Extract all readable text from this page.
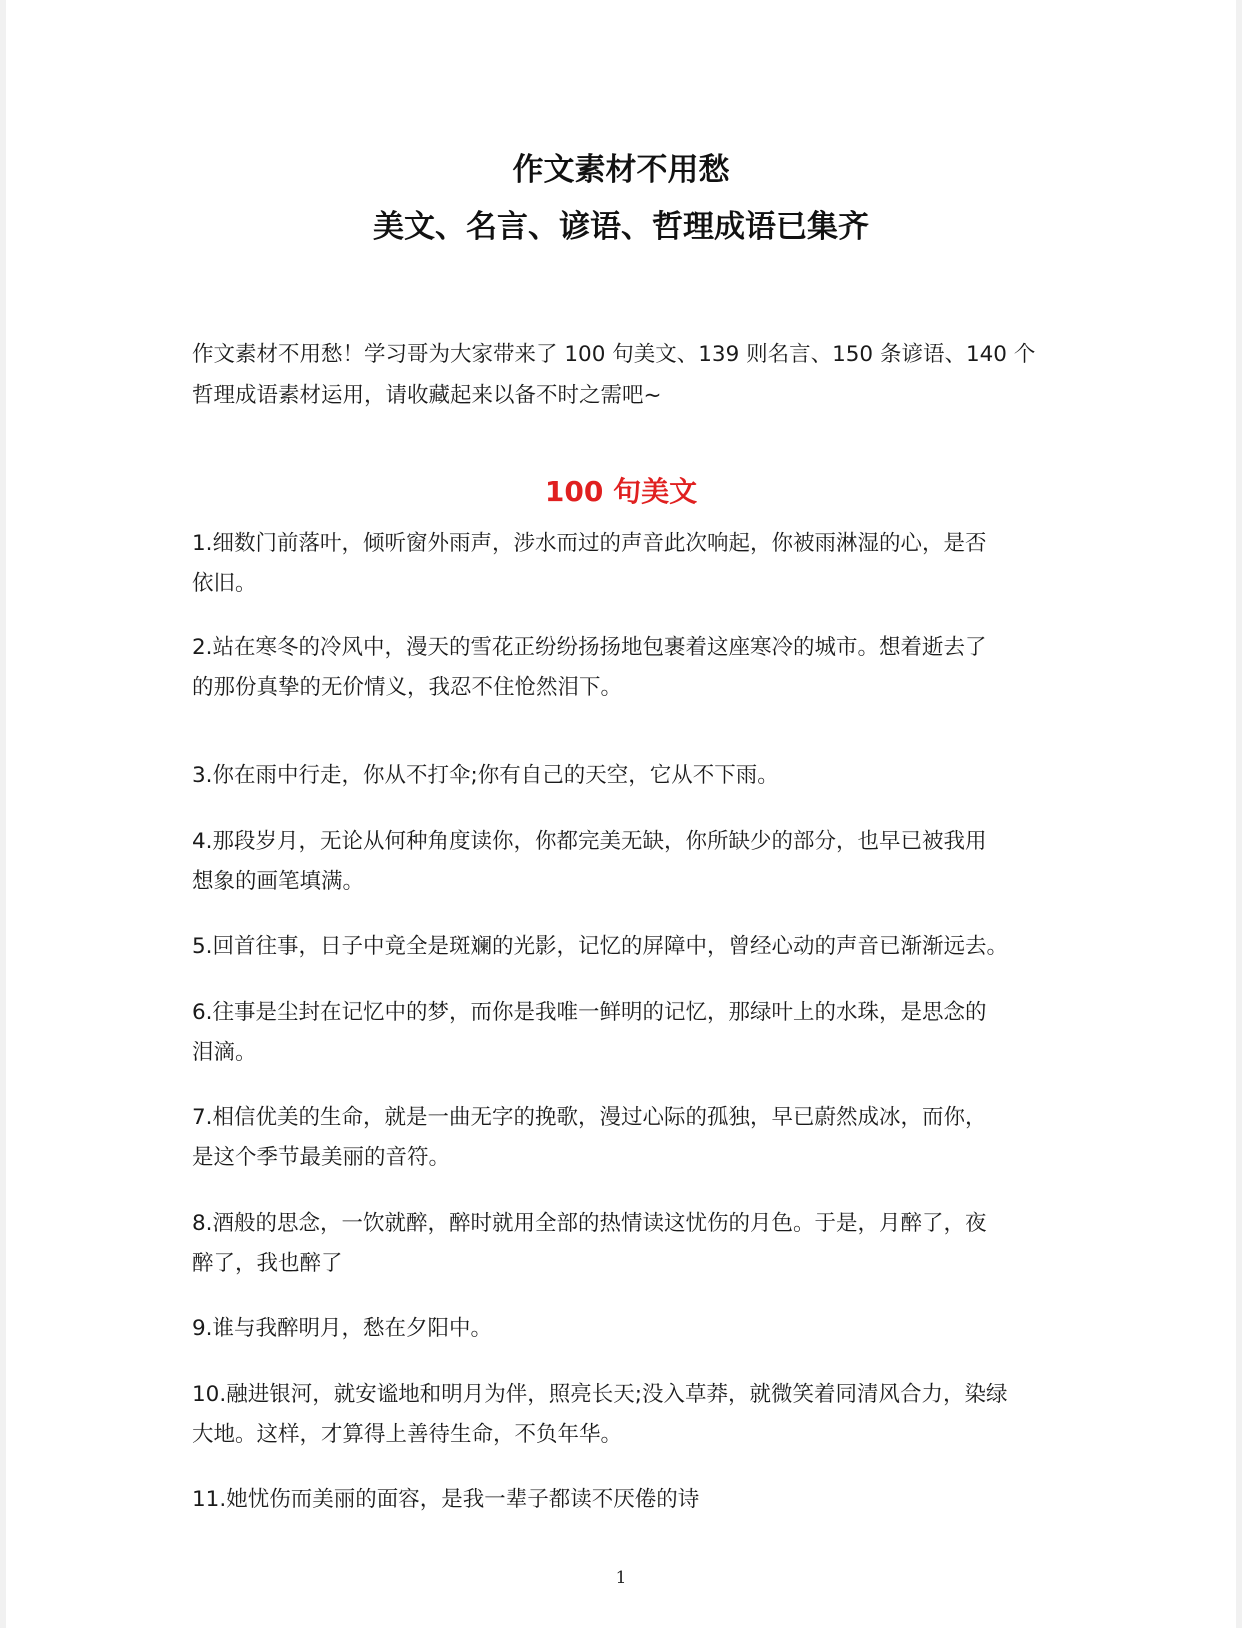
作文素材不用愁
美文、名言、谚语、哲理成语已集齐
作文素材不用愁！学习哥为大家带来了 100 句美文、139 则名言、150 条谚语、140 个
哲理成语素材运用，请收藏起来以备不时之需吧~
100 句美文
1.细数门前落叶，倾听窗外雨声，涉水而过的声音此次响起，你被雨淋湿的心，是否
依旧。
2.站在寒冬的冷风中，漫天的雪花正纷纷扬扬地包裹着这座寒冷的城市。想着逝去了
的那份真挚的无价情义，我忍不住怆然泪下。
3.你在雨中行走，你从不打伞;你有自己的天空，它从不下雨。
4.那段岁月，无论从何种角度读你，你都完美无缺，你所缺少的部分，也早已被我用
想象的画笔填满。
5.回首往事，日子中竟全是斑斓的光影，记忆的屏障中，曾经心动的声音已渐渐远去。
6.往事是尘封在记忆中的梦，而你是我唯一鲜明的记忆，那绿叶上的水珠，是思念的
泪滴。
7.相信优美的生命，就是一曲无字的挽歌，漫过心际的孤独，早已蔚然成冰，而你，
是这个季节最美丽的音符。
8.酒般的思念，一饮就醉，醉时就用全部的热情读这忧伤的月色。于是，月醉了，夜
醉了，我也醉了
9.谁与我醉明月，愁在夕阳中。
10.融进银河，就安谧地和明月为伴，照亮长天;没入草莽，就微笑着同清风合力，染绿
大地。这样，才算得上善待生命，不负年华。
11.她忧伤而美丽的面容，是我一辈子都读不厌倦的诗
1
